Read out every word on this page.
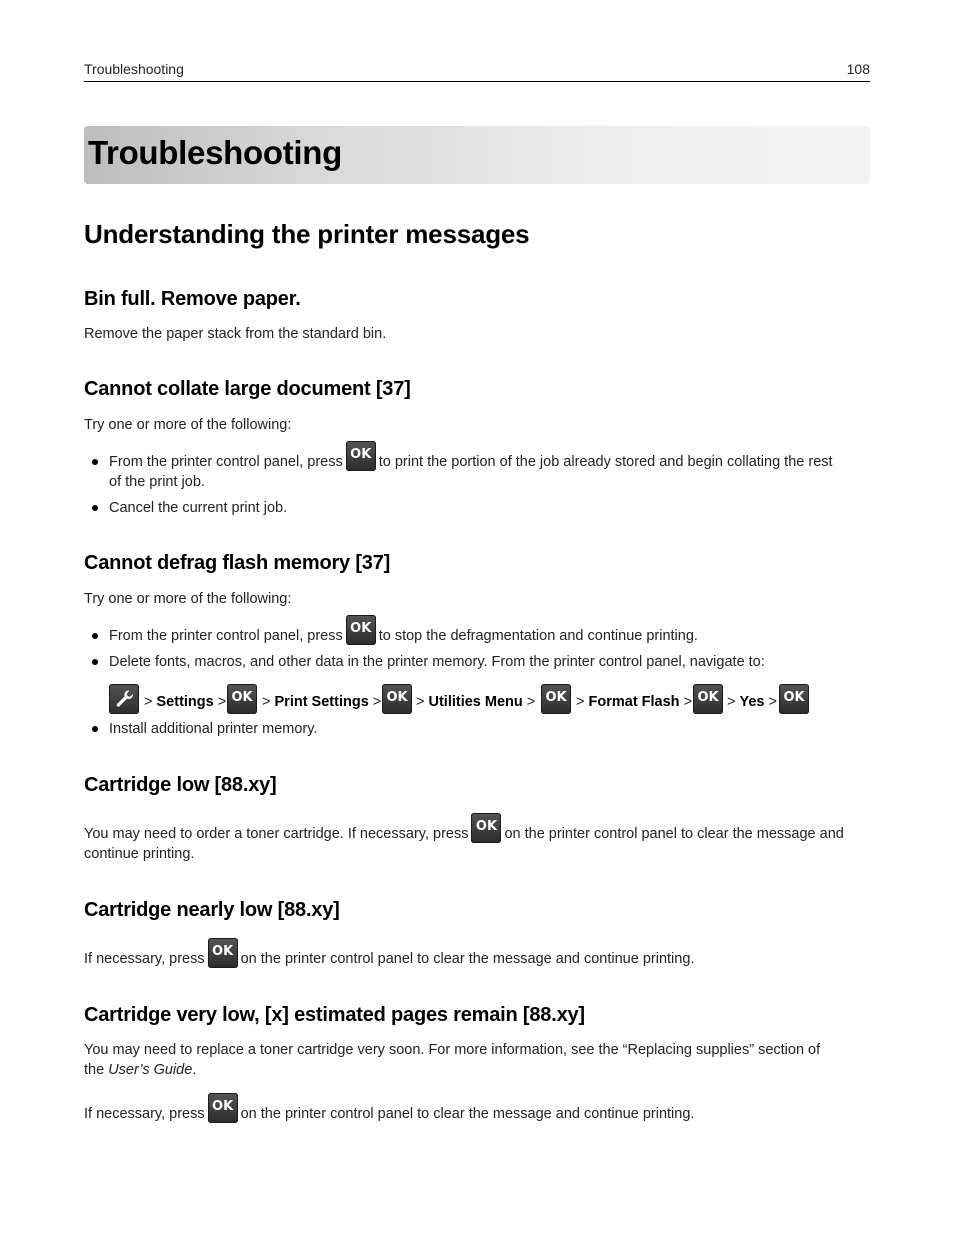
Troubleshooting	108
Troubleshooting
Understanding the printer messages
Bin full. Remove paper.
Remove the paper stack from the standard bin.
Cannot collate large document [37]
Try one or more of the following:
From the printer control panel, press OK to print the portion of the job already stored and begin collating the rest
of the print job.
Cancel the current print job.
Cannot defrag flash memory [37]
Try one or more of the following:
From the printer control panel, press OK to stop the defragmentation and continue printing.
Delete fonts, macros, and other data in the printer memory. From the printer control panel, navigate to:
> Settings > OK > Print Settings > OK > Utilities Menu > OK > Format Flash > OK > Yes > OK
Install additional printer memory.
Cartridge low [88.xy]
You may need to order a toner cartridge. If necessary, press OK on the printer control panel to clear the message and
continue printing.
Cartridge nearly low [88.xy]
If necessary, press OK on the printer control panel to clear the message and continue printing.
Cartridge very low, [x] estimated pages remain [88.xy]
You may need to replace a toner cartridge very soon. For more information, see the “Replacing supplies” section of
the User’s Guide.
If necessary, press OK on the printer control panel to clear the message and continue printing.
